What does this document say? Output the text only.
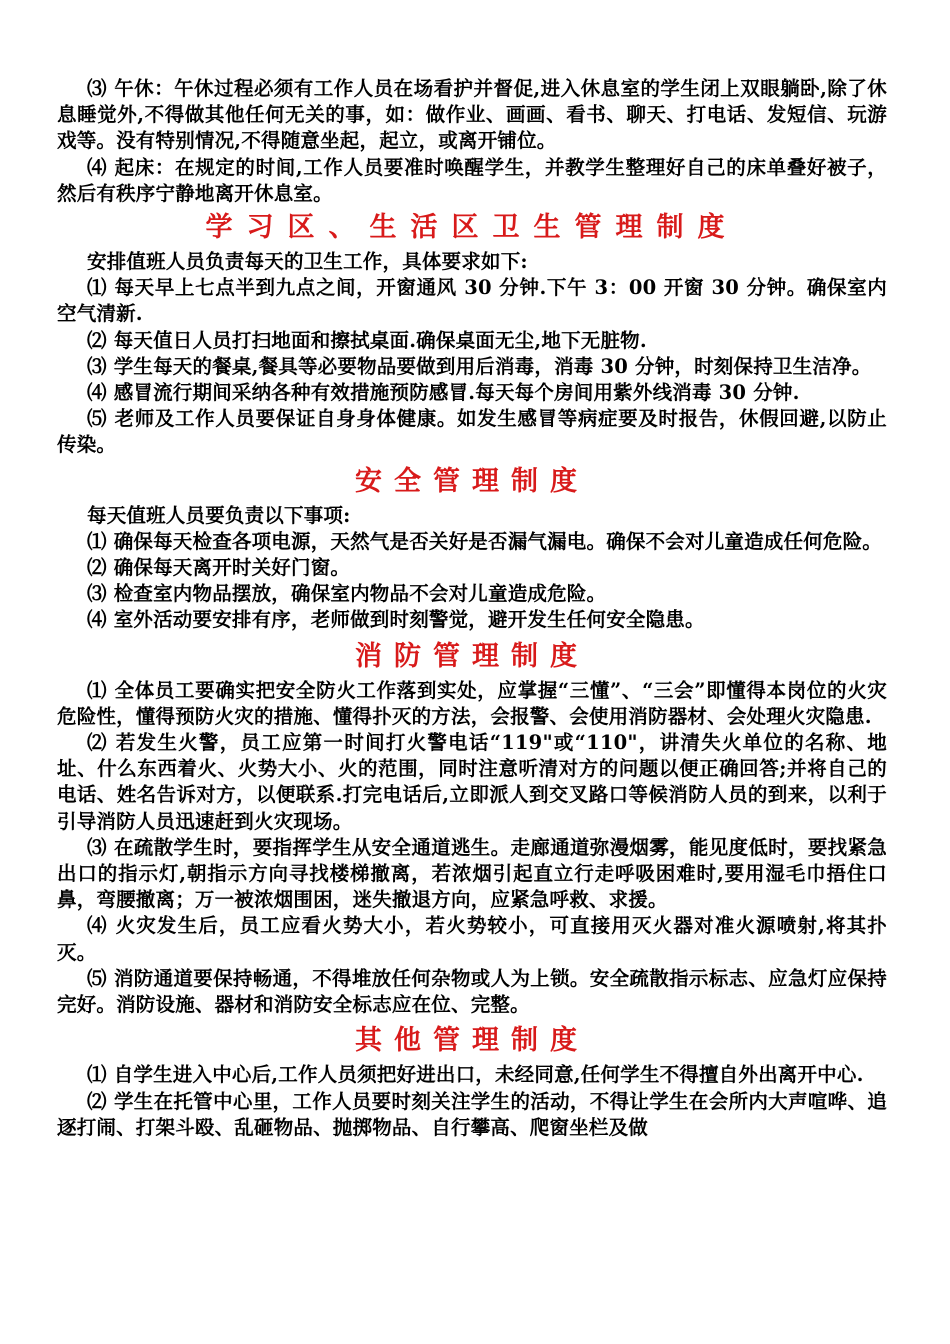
⑶ 午休：午休过程必须有工作人员在场看护并督促,进入休息室的学生闭上双眼躺卧,除了休息睡觉外,不得做其他任何无关的事，如：做作业、画画、看书、聊天、打电话、发短信、玩游戏等。没有特别情况,不得随意坐起，起立，或离开铺位。

⑷ 起床：在规定的时间,工作人员要准时唤醒学生，并教学生整理好自己的床单叠好被子，然后有秩序宁静地离开休息室。

学习区、生活区卫生管理制度

安排值班人员负责每天的卫生工作，具体要求如下:

⑴ 每天早上七点半到九点之间，开窗通风 30 分钟.下午 3：00 开窗 30 分钟。确保室内空气清新.

⑵ 每天值日人员打扫地面和擦拭桌面.确保桌面无尘,地下无脏物.

⑶ 学生每天的餐桌,餐具等必要物品要做到用后消毒，消毒 30 分钟，时刻保持卫生洁净。

⑷ 感冒流行期间采纳各种有效措施预防感冒.每天每个房间用紫外线消毒 30 分钟.

⑸ 老师及工作人员要保证自身身体健康。如发生感冒等病症要及时报告，休假回避,以防止传染。

安全管理制度

每天值班人员要负责以下事项:

⑴ 确保每天检查各项电源，天然气是否关好是否漏气漏电。确保不会对儿童造成任何危险。

⑵ 确保每天离开时关好门窗。

⑶ 检查室内物品摆放，确保室内物品不会对儿童造成危险。

⑷ 室外活动要安排有序，老师做到时刻警觉，避开发生任何安全隐患。

消防管理制度

⑴ 全体员工要确实把安全防火工作落到实处，应掌握“三懂”、“三会”即懂得本岗位的火灾危险性，懂得预防火灾的措施、懂得扑灭的方法，会报警、会使用消防器材、会处理火灾隐患.

⑵ 若发生火警，员工应第一时间打火警电话“119"或“110"，讲清失火单位的名称、地址、什么东西着火、火势大小、火的范围，同时注意听清对方的问题以便正确回答;并将自己的电话、姓名告诉对方，以便联系.打完电话后,立即派人到交叉路口等候消防人员的到来，以利于引导消防人员迅速赶到火灾现场。

⑶ 在疏散学生时，要指挥学生从安全通道逃生。走廊通道弥漫烟雾，能见度低时，要找紧急出口的指示灯,朝指示方向寻找楼梯撤离，若浓烟引起直立行走呼吸困难时,要用湿毛巾捂住口鼻，弯腰撤离；万一被浓烟围困，迷失撤退方向，应紧急呼救、求援。

⑷ 火灾发生后，员工应看火势大小，若火势较小，可直接用灭火器对准火源喷射,将其扑灭。

⑸ 消防通道要保持畅通，不得堆放任何杂物或人为上锁。安全疏散指示标志、应急灯应保持完好。消防设施、器材和消防安全标志应在位、完整。

其他管理制度

⑴ 自学生进入中心后,工作人员须把好进出口，未经同意,任何学生不得擅自外出离开中心.

⑵ 学生在托管中心里，工作人员要时刻关注学生的活动，不得让学生在会所内大声喧哗、追逐打闹、打架斗殴、乱砸物品、抛掷物品、自行攀高、爬窗坐栏及做
